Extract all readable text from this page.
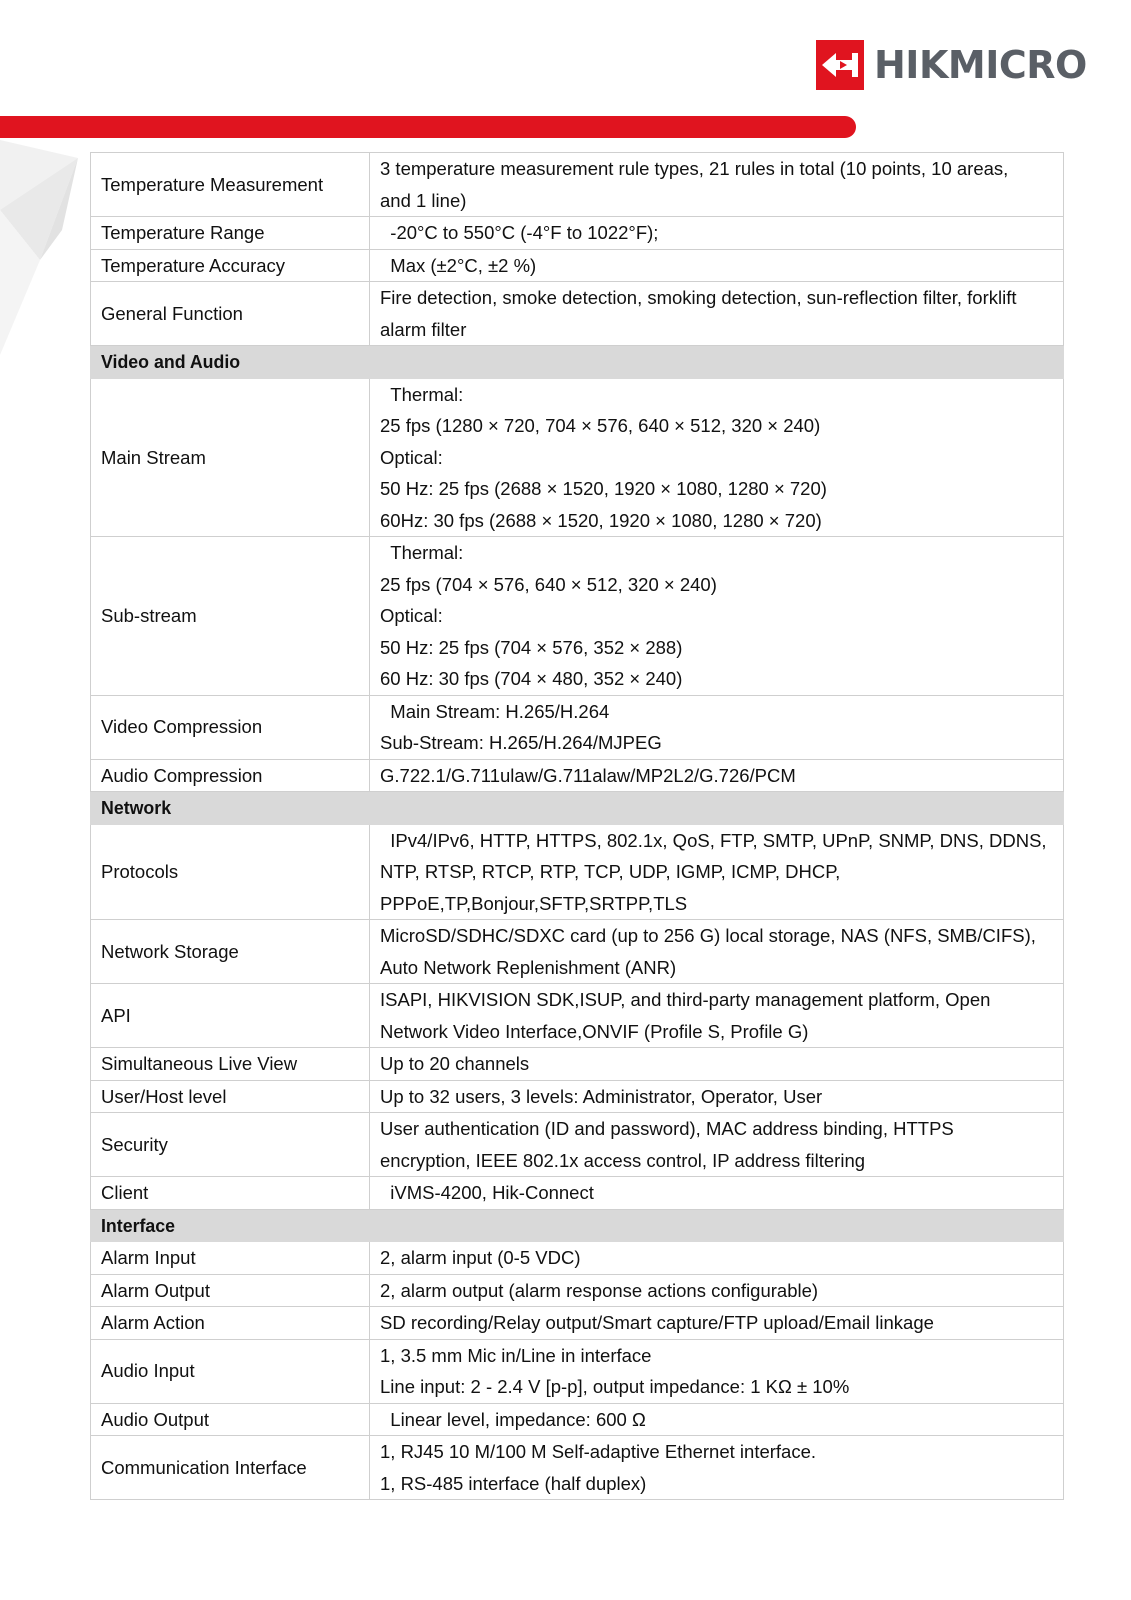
HIKMICRO
Temperature Measurement	3 temperature measurement rule types, 21 rules in total (10 points, 10 areas,
and 1 line)

Temperature Range	-20°C to 550°C (-4°F to 1022°F);

Temperature Accuracy	Max (±2°C, ±2 %)

General Function	Fire detection, smoke detection, smoking detection, sun-reflection filter, forklift
alarm filter

Video and Audio	
Main Stream	Thermal:
25 fps (1280 × 720, 704 × 576, 640 × 512, 320 × 240)
Optical:
50 Hz: 25 fps (2688 × 1520, 1920 × 1080, 1280 × 720)
60Hz: 30 fps (2688 × 1520, 1920 × 1080, 1280 × 720)

Sub-stream	Thermal:
25 fps (704 × 576, 640 × 512, 320 × 240)
Optical:
50 Hz: 25 fps (704 × 576, 352 × 288)
60 Hz: 30 fps (704 × 480, 352 × 240)

Video Compression	Main Stream: H.265/H.264
Sub-Stream: H.265/H.264/MJPEG

Audio Compression	G.722.1/G.711ulaw/G.711alaw/MP2L2/G.726/PCM

Network	
Protocols	IPv4/IPv6, HTTP, HTTPS, 802.1x, QoS, FTP, SMTP, UPnP, SNMP, DNS, DDNS,
NTP, RTSP, RTCP, RTP, TCP, UDP, IGMP, ICMP, DHCP,
PPPoE,TP,Bonjour,SFTP,SRTPP,TLS

Network Storage	MicroSD/SDHC/SDXC card (up to 256 G) local storage, NAS (NFS, SMB/CIFS),
Auto Network Replenishment (ANR)

API	ISAPI, HIKVISION SDK,ISUP, and third-party management platform, Open
Network Video Interface,ONVIF (Profile S, Profile G)

Simultaneous Live View	Up to 20 channels

User/Host level	Up to 32 users, 3 levels: Administrator, Operator, User

Security	User authentication (ID and password), MAC address binding, HTTPS
encryption, IEEE 802.1x access control, IP address filtering

Client	iVMS-4200, Hik-Connect

Interface	
Alarm Input	2, alarm input (0-5 VDC)

Alarm Output	2, alarm output (alarm response actions configurable)

Alarm Action	SD recording/Relay output/Smart capture/FTP upload/Email linkage

Audio Input	1, 3.5 mm Mic in/Line in interface
Line input: 2 - 2.4 V [p-p], output impedance: 1 KΩ ± 10%

Audio Output	Linear level, impedance: 600 Ω

Communication Interface	1, RJ45 10 M/100 M Self-adaptive Ethernet interface.
1, RS-485 interface (half duplex)
